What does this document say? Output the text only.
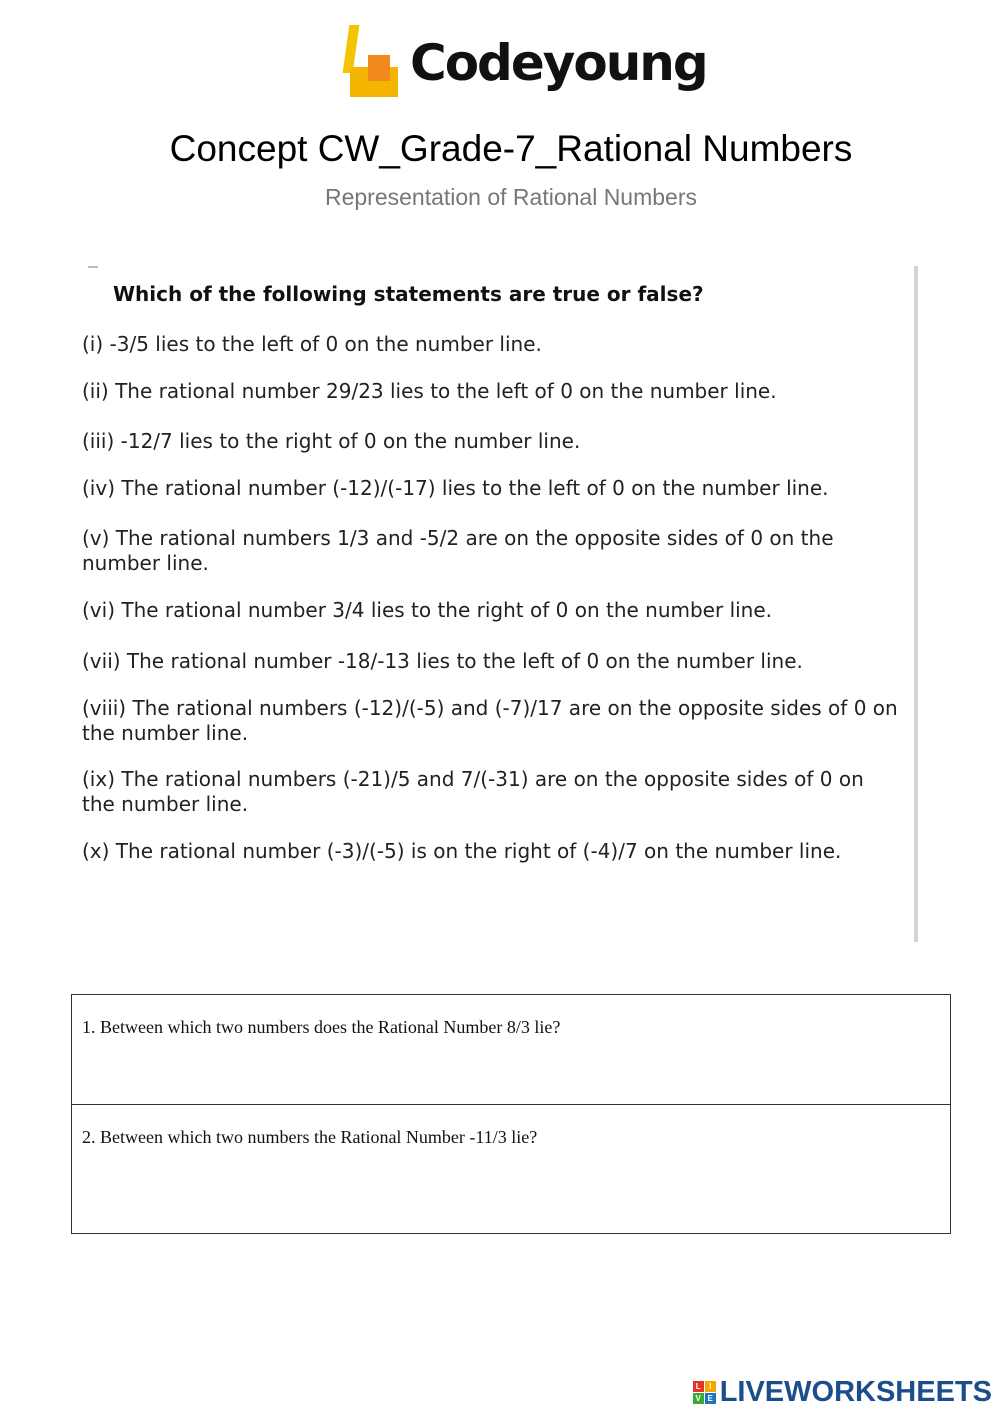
Codeyoung
Concept CW_Grade-7_Rational Numbers
Representation of Rational Numbers
Which of the following statements are true or false?
(i) -3/5 lies to the left of 0 on the number line.
(ii) The rational number 29/23 lies to the left of 0 on the number line.
(iii) -12/7 lies to the right of 0 on the number line.
(iv) The rational number (-12)/(-17) lies to the left of 0 on the number line.
(v) The rational numbers 1/3 and -5/2 are on the opposite sides of 0 on the number line.
(vi) The rational number 3/4 lies to the right of 0 on the number line.
(vii) The rational number -18/-13 lies to the left of 0 on the number line.
(viii) The rational numbers (-12)/(-5) and (-7)/17 are on the opposite sides of 0 on the number line.
(ix) The rational numbers (-21)/5 and 7/(-31) are on the opposite sides of 0 on the number line.
(x) The rational number (-3)/(-5) is on the right of (-4)/7 on the number line.
1. Between which two numbers does the Rational Number 8/3 lie?
2. Between which two numbers the Rational Number -11/3 lie?
L	I
V E LIVEWORKSHEETS
